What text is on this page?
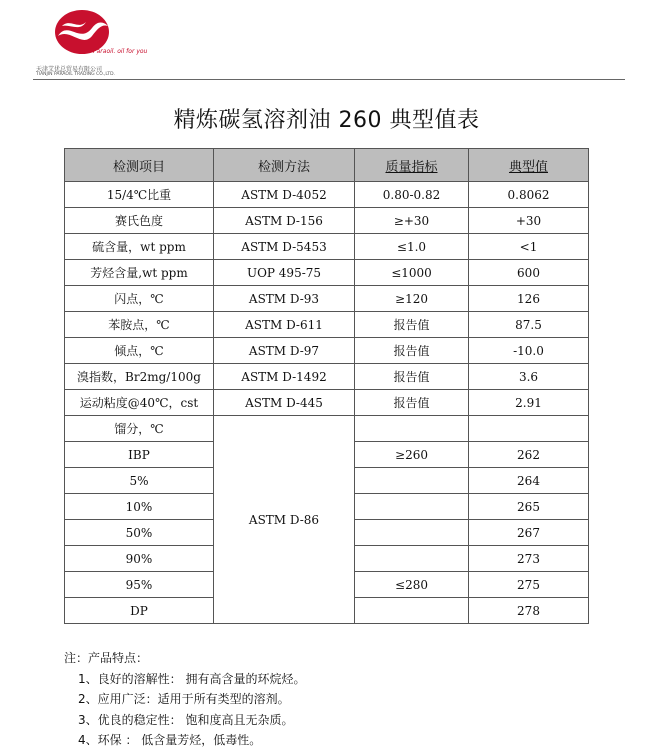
Paraoil. oil for you
天津艾优总贸易有限公司
TIANJIN PARAOIL TRADING CO.,LTD.
精炼碳氢溶剂油 260 典型值表
检测项目	检测方法	质量指标	典型值
15/4℃比重	ASTM D-4052	0.80-0.82	0.8062
赛氏色度	ASTM D-156	≥+30	+30
硫含量，wt ppm	ASTM D-5453	≤1.0	<1
芳烃含量,wt ppm	UOP 495-75	≤1000	600
闪点，℃	ASTM D-93	≥120	126
苯胺点，℃	ASTM D-611	报告值	87.5
倾点，℃	ASTM D-97	报告值	-10.0
溴指数，Br2mg/100g	ASTM D-1492	报告值	3.6
运动粘度@40℃，cst	ASTM D-445	报告值	2.91
馏分，℃	ASTM D-86		
IBP		≥260	262
5%			264
10%			265
50%			267
90%			273
95%		≤280	275
DP			278
注：产品特点：
1、良好的溶解性： 拥有高含量的环烷烃。
2、应用广泛：适用于所有类型的溶剂。
3、优良的稳定性： 饱和度高且无杂质。
4、环保 ： 低含量芳烃，低毒性。
